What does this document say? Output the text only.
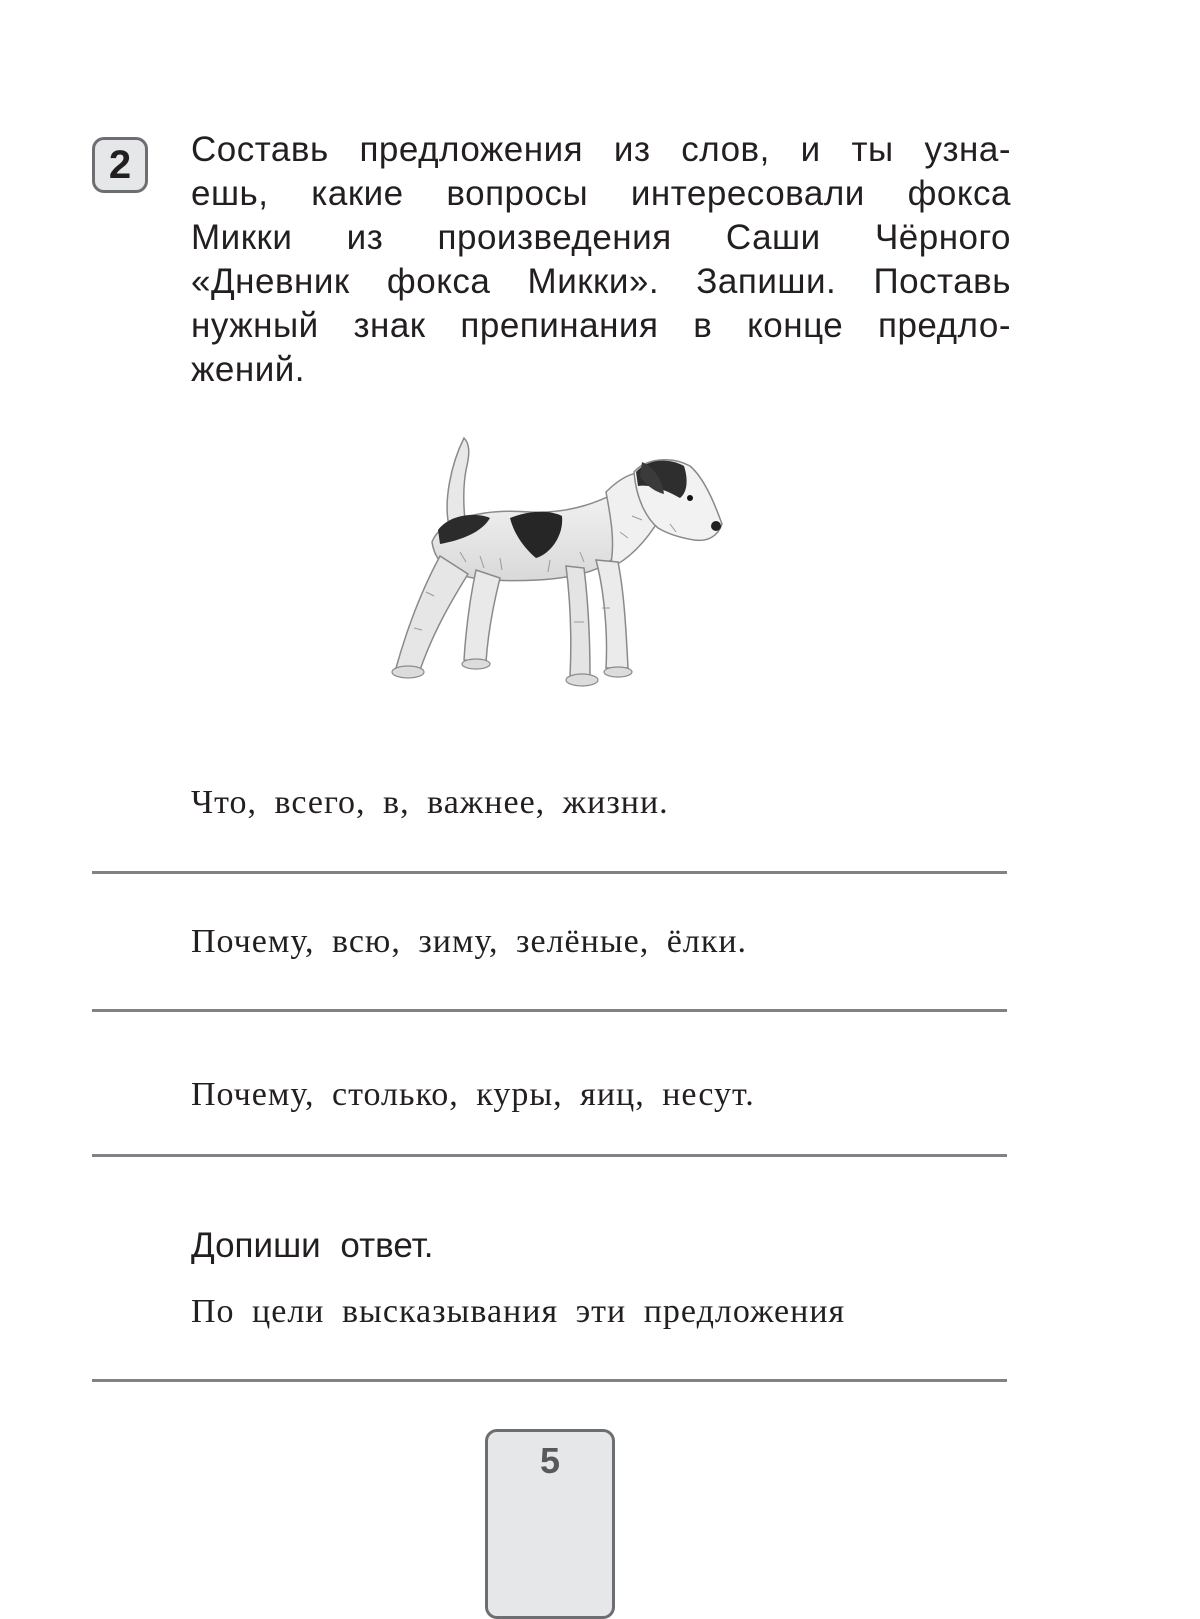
2 Составь предложения из слов, и ты узна-
ешь, какие вопросы интересовали фокса
Микки из произведения Саши Чёрного
«Дневник фокса Микки». Запиши. Поставь
нужный знак препинания в конце предло-
жений.

Что, всего, в, важнее, жизни.

Почему, всю, зиму, зелёные, ёлки.

Почему, столько, куры, яиц, несут.

Допиши ответ.

По цели высказывания эти предложения

5
